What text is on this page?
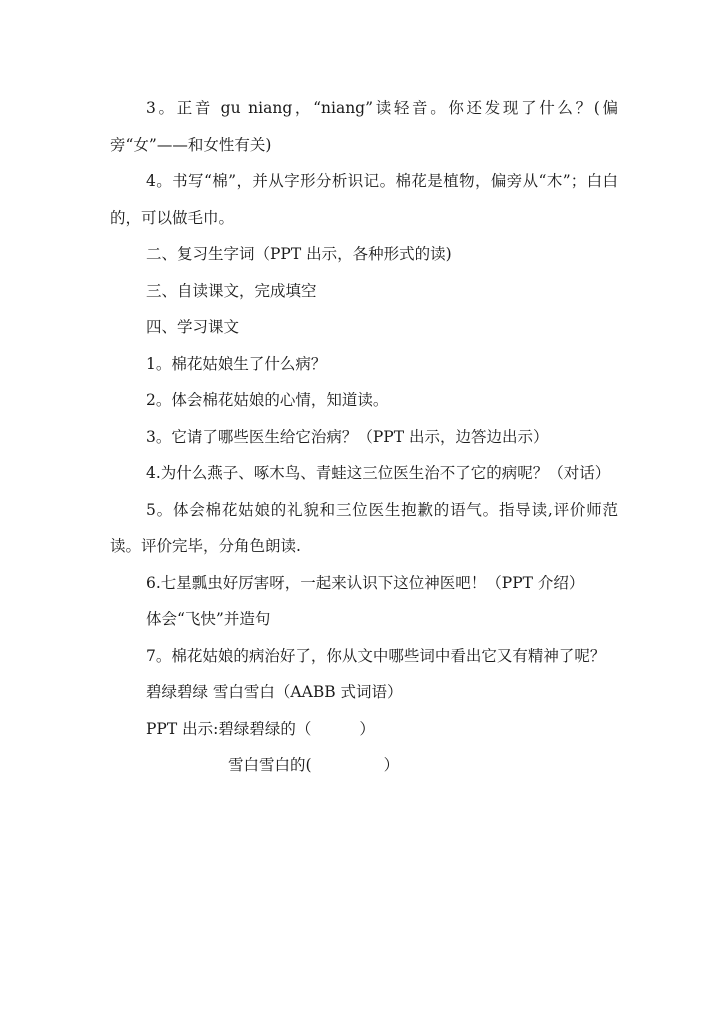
3。正音 gu niang，“niang”读轻音。你还发现了什么？(偏旁“女”——和女性有关)

4。书写“棉”，并从字形分析识记。棉花是植物，偏旁从“木”；白白的，可以做毛巾。

二、复习生字词（PPT 出示，各种形式的读)

三、自读课文，完成填空

四、学习课文

1。棉花姑娘生了什么病？

2。体会棉花姑娘的心情，知道读。

3。它请了哪些医生给它治病？（PPT 出示，边答边出示）

4.为什么燕子、啄木鸟、青蛙这三位医生治不了它的病呢？（对话）

5。体会棉花姑娘的礼貌和三位医生抱歉的语气。指导读,评价师范读。评价完毕，分角色朗读.

6.七星瓢虫好厉害呀，一起来认识下这位神医吧！（PPT 介绍）

体会“飞快”并造句

7。棉花姑娘的病治好了，你从文中哪些词中看出它又有精神了呢？

碧绿碧绿 雪白雪白（AABB 式词语）

PPT 出示:碧绿碧绿的（	）
雪白雪白的(	）
